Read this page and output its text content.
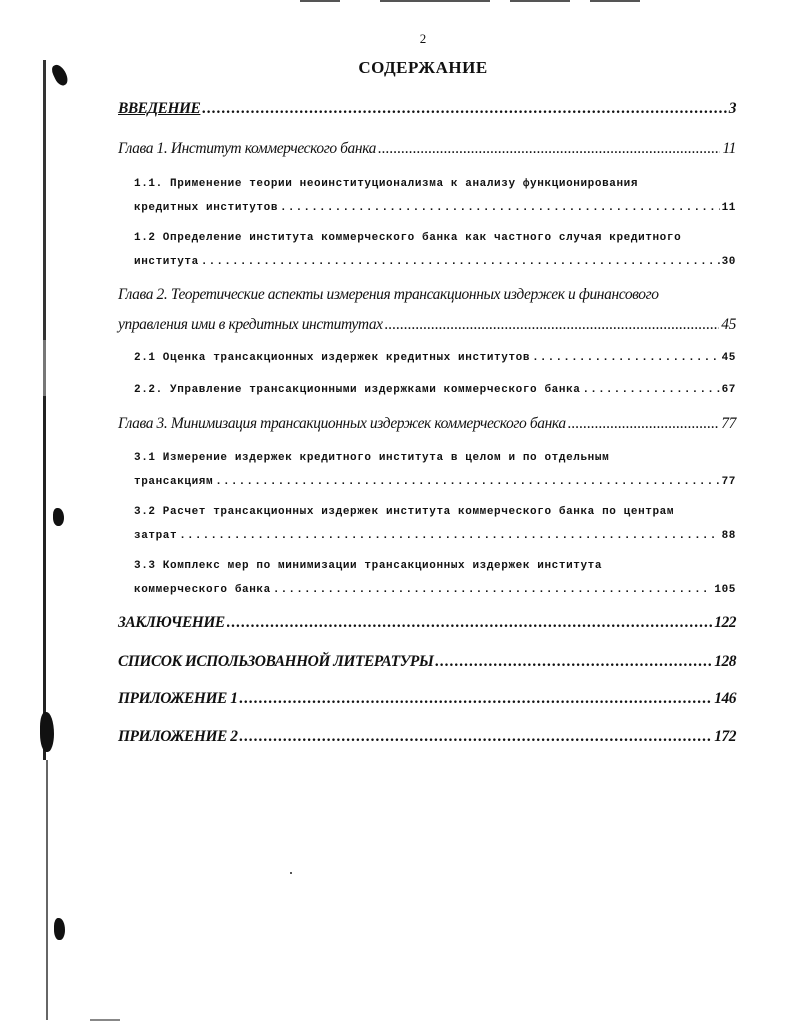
2
СОДЕРЖАНИЕ
ВВЕДЕНИЕ .....	3
Глава 1. Институт коммерческого банка .....	11
1.1. Применение теории неоинституционализма к анализу функционирования
кредитных институтов .....	11
1.2 Определение института коммерческого банка как частного случая кредитного
института .....	30
Глава 2. Теоретические аспекты измерения трансакционных издержек и финансового
управления ими в кредитных институтах .....	45
2.1 Оценка трансакционных издержек кредитных институтов .....	45
2.2. Управление трансакционными издержками коммерческого банка .....	67
Глава 3. Минимизация трансакционных издержек коммерческого банка .....	77
3.1 Измерение издержек кредитного института в целом и по отдельным
трансакциям .....	77
3.2 Расчет трансакционных издержек института коммерческого банка по центрам
затрат .....	88
3.3 Комплекс мер по минимизации трансакционных издержек института
коммерческого банка .....	105
ЗАКЛЮЧЕНИЕ .....	122
СПИСОК ИСПОЛЬЗОВАННОЙ ЛИТЕРАТУРЫ .....	128
ПРИЛОЖЕНИЕ 1 .....	146
ПРИЛОЖЕНИЕ 2 .....	172
